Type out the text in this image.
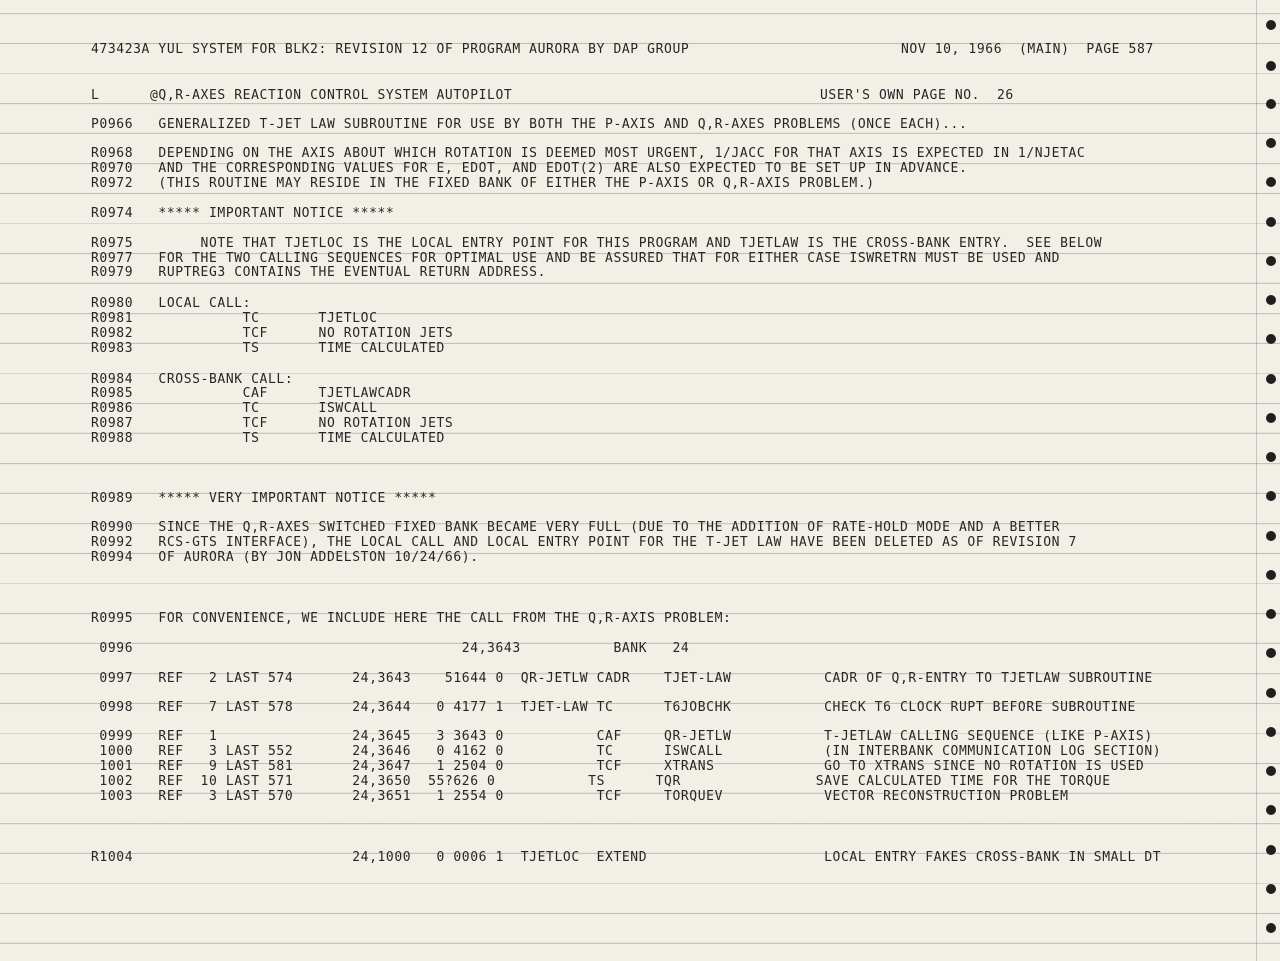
473423A YUL SYSTEM FOR BLK2: REVISION 12 OF PROGRAM AURORA BY DAP GROUP	NOV 10, 1966  (MAIN)  PAGE 587
L      @Q,R-AXES REACTION CONTROL SYSTEM AUTOPILOT	USER'S OWN PAGE NO.  26
P0966   GENERALIZED T-JET LAW SUBROUTINE FOR USE BY BOTH THE P-AXIS AND Q,R-AXES PROBLEMS (ONCE EACH)...
R0968   DEPENDING ON THE AXIS ABOUT WHICH ROTATION IS DEEMED MOST URGENT, 1/JACC FOR THAT AXIS IS EXPECTED IN 1/NJETAC
R0970   AND THE CORRESPONDING VALUES FOR E, EDOT, AND EDOT(2) ARE ALSO EXPECTED TO BE SET UP IN ADVANCE.
R0972   (THIS ROUTINE MAY RESIDE IN THE FIXED BANK OF EITHER THE P-AXIS OR Q,R-AXIS PROBLEM.)
R0974   ***** IMPORTANT NOTICE *****
R0975        NOTE THAT TJETLOC IS THE LOCAL ENTRY POINT FOR THIS PROGRAM AND TJETLAW IS THE CROSS-BANK ENTRY.  SEE BELOW
R0977   FOR THE TWO CALLING SEQUENCES FOR OPTIMAL USE AND BE ASSURED THAT FOR EITHER CASE ISWRETRN MUST BE USED AND
R0979   RUPTREG3 CONTAINS THE EVENTUAL RETURN ADDRESS.
R0980   LOCAL CALL:
R0981             TC       TJETLOC
R0982             TCF      NO ROTATION JETS
R0983             TS       TIME CALCULATED
R0984   CROSS-BANK CALL:
R0985             CAF      TJETLAWCADR
R0986             TC       ISWCALL
R0987             TCF      NO ROTATION JETS
R0988             TS       TIME CALCULATED
R0989   ***** VERY IMPORTANT NOTICE *****
R0990   SINCE THE Q,R-AXES SWITCHED FIXED BANK BECAME VERY FULL (DUE TO THE ADDITION OF RATE-HOLD MODE AND A BETTER
R0992   RCS-GTS INTERFACE), THE LOCAL CALL AND LOCAL ENTRY POINT FOR THE T-JET LAW HAVE BEEN DELETED AS OF REVISION 7
R0994   OF AURORA (BY JON ADDELSTON 10/24/66).
R0995   FOR CONVENIENCE, WE INCLUDE HERE THE CALL FROM THE Q,R-AXIS PROBLEM:
0996                                       24,3643           BANK   24
0997   REF   2 LAST 574       24,3643    51644 0  QR-JETLW CADR    TJET-LAW           CADR OF Q,R-ENTRY TO TJETLAW SUBROUTINE
0998   REF   7 LAST 578       24,3644   0 4177 1  TJET-LAW TC      T6JOBCHK           CHECK T6 CLOCK RUPT BEFORE SUBROUTINE
0999   REF   1                24,3645   3 3643 0           CAF     QR-JETLW           T-JETLAW CALLING SEQUENCE (LIKE P-AXIS)
1000   REF   3 LAST 552       24,3646   0 4162 0           TC      ISWCALL            (IN INTERBANK COMMUNICATION LOG SECTION)
1001   REF   9 LAST 581       24,3647   1 2504 0           TCF     XTRANS             GO TO XTRANS SINCE NO ROTATION IS USED
1002   REF  10 LAST 571       24,3650  55?626 0           TS      TQR                SAVE CALCULATED TIME FOR THE TORQUE
1003   REF   3 LAST 570       24,3651   1 2554 0           TCF     TORQUEV            VECTOR RECONSTRUCTION PROBLEM
R1004                          24,1000   0 0006 1  TJETLOC  EXTEND                     LOCAL ENTRY FAKES CROSS-BANK IN SMALL DT
